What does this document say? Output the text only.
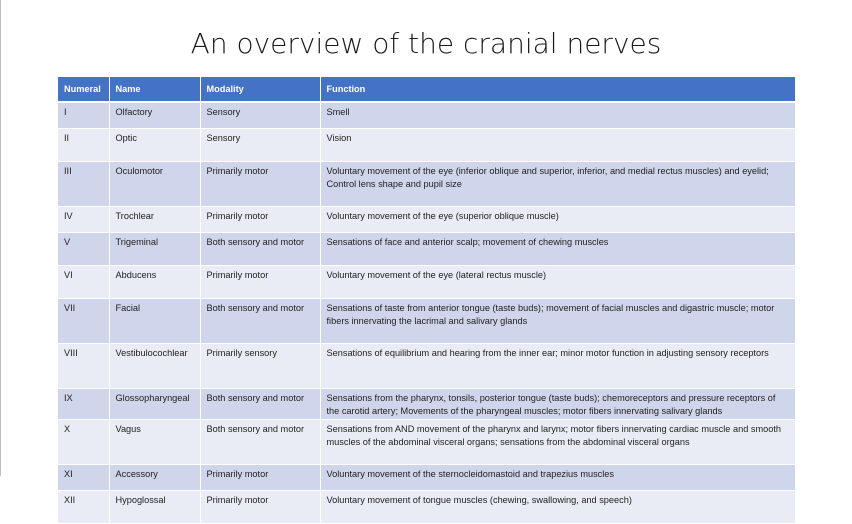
An overview of the cranial nerves
Numeral	Name	Modality	Function
I	Olfactory	Sensory	Smell
II	Optic	Sensory	Vision
III	Oculomotor	Primarily motor	Voluntary movement of the eye (inferior oblique and superior, inferior, and medial rectus muscles) and eyelid; Control lens shape and pupil size
IV	Trochlear	Primarily motor	Voluntary movement of the eye (superior oblique muscle)
V	Trigeminal	Both sensory and motor	Sensations of face and anterior scalp; movement of chewing muscles
VI	Abducens	Primarily motor	Voluntary movement of the eye (lateral rectus muscle)
VII	Facial	Both sensory and motor	Sensations of taste from anterior tongue (taste buds); movement of facial muscles and digastric muscle; motor fibers innervating the lacrimal and salivary glands
VIII	Vestibulocochlear	Primarily sensory	Sensations of equilibrium and hearing from the inner ear; minor motor function in adjusting sensory receptors
IX	Glossopharyngeal	Both sensory and motor	Sensations from the pharynx, tonsils, posterior tongue (taste buds); chemoreceptors and pressure receptors of the carotid artery; Movements of the pharyngeal muscles; motor fibers innervating salivary glands
X	Vagus	Both sensory and motor	Sensations from AND movement of the pharynx and larynx; motor fibers innervating cardiac muscle and smooth muscles of the abdominal visceral organs; sensations from the abdominal visceral organs
XI	Accessory	Primarily motor	Voluntary movement of the sternocleidomastoid and trapezius muscles
XII	Hypoglossal	Primarily motor	Voluntary movement of tongue muscles (chewing, swallowing, and speech)
